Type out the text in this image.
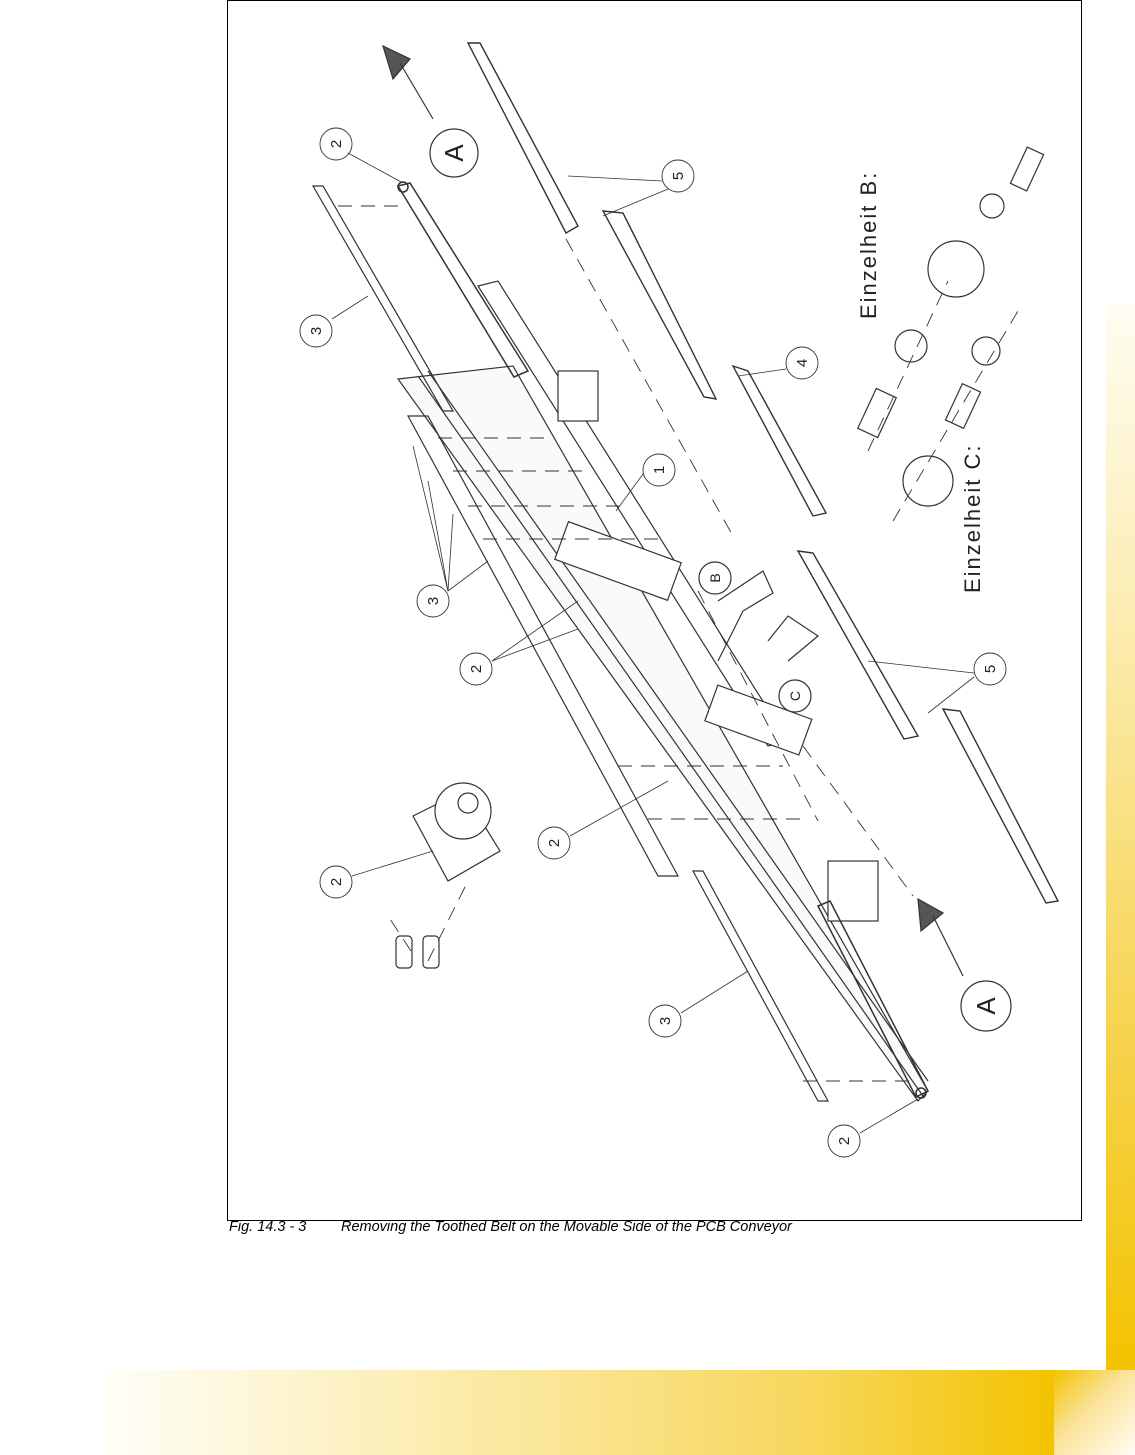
2
3
5
4
1
3
2	5
2
2
3
2
A
A
B
C
Einzelheit B:
Einzelheit C:
Fig. 14.3 - 3 Removing the Toothed Belt on the Movable Side of the PCB Conveyor
